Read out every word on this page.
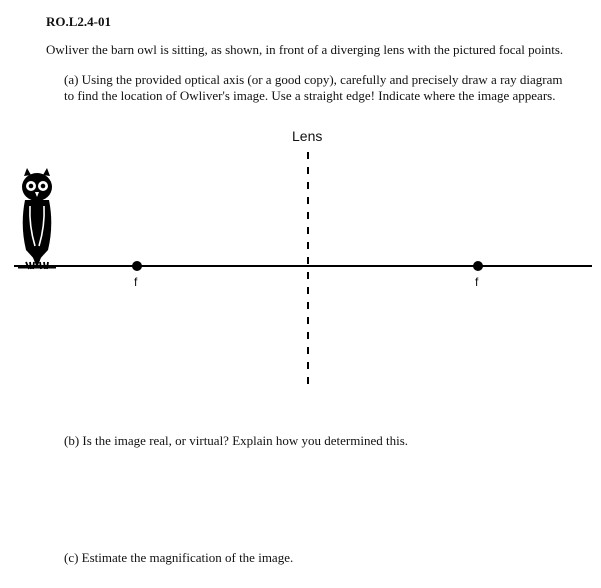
RO.L2.4-01
Owliver the barn owl is sitting, as shown, in front of a diverging lens with the pictured focal points.
(a) Using the provided optical axis (or a good copy), carefully and precisely draw a ray diagram to find the location of Owliver's image. Use a straight edge! Indicate where the image appears.
Lens
f	f
(b) Is the image real, or virtual? Explain how you determined this.
(c) Estimate the magnification of the image.
